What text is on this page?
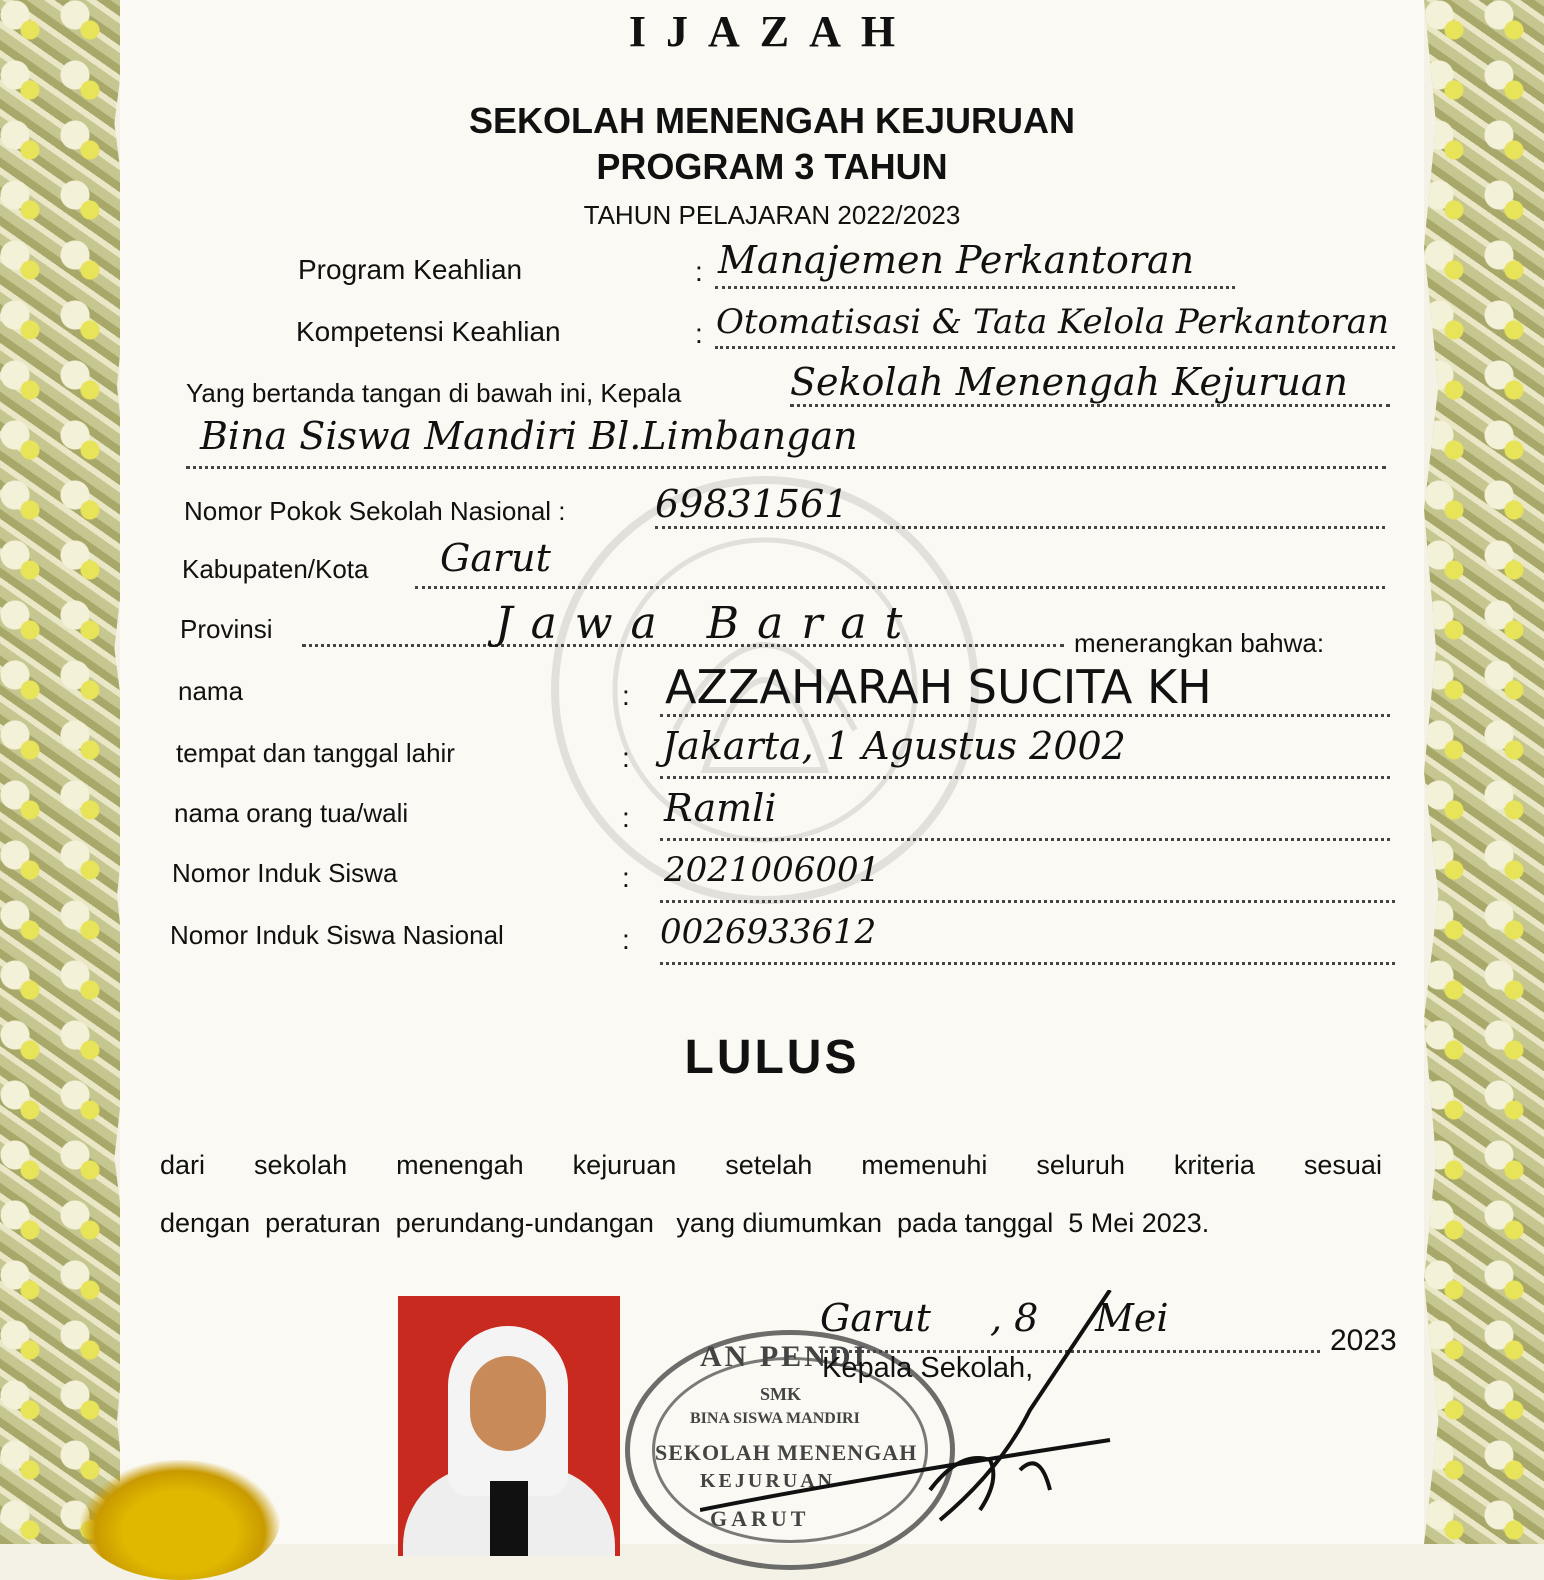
IJAZAH
SEKOLAH MENENGAH KEJURUAN
PROGRAM 3 TAHUN
TAHUN PELAJARAN 2022/2023
Program Keahlian	: Manajemen Perkantoran
Kompetensi Keahlian	: Otomatisasi & Tata Kelola Perkantoran
Yang bertanda tangan di bawah ini, Kepala	Sekolah Menengah Kejuruan
Bina Siswa Mandiri Bl.Limbangan
Nomor Pokok Sekolah Nasional : 69831561
Kabupaten/Kota Garut
Provinsi	Jawa Barat	menerangkan bahwa:
nama	: AZZAHARAH SUCITA KH
tempat dan tanggal lahir	: Jakarta, 1 Agustus 2002
nama orang tua/wali	: Ramli
Nomor Induk Siswa	: 2021006001
Nomor Induk Siswa Nasional	: 0026933612
LULUS
dari sekolah menengah kejuruan setelah memenuhi seluruh kriteria sesuai
dengan  peraturan  perundang-undangan   yang diumumkan  pada tanggal  5 Mei 2023.
AN PENDI
SMK
BINA SISWA MANDIRI
SEKOLAH MENENGAH
KEJURUAN
GARUT
Garut , 8 Mei
2023
Kepala Sekolah,
